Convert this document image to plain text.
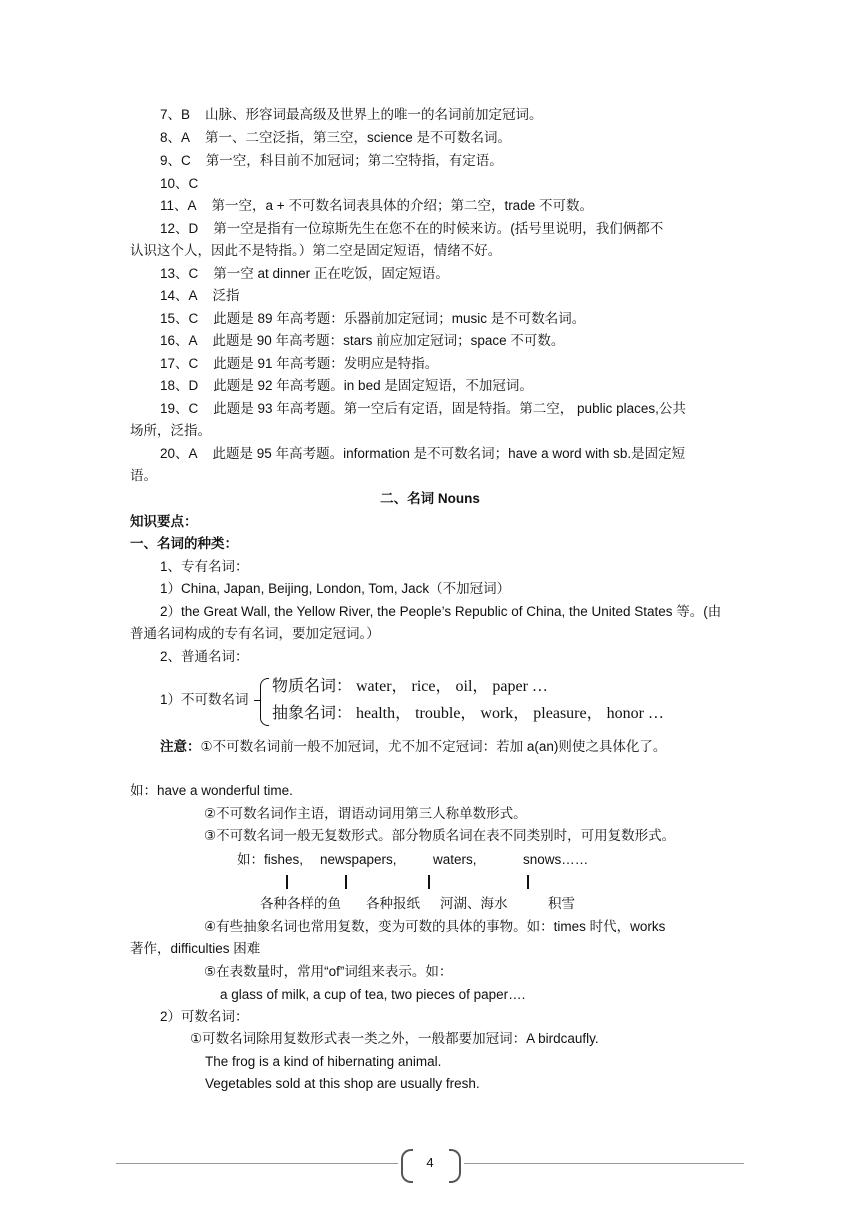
7、B 山脉、形容词最高级及世界上的唯一的名词前加定冠词。
8、A 第一、二空泛指，第三空，science 是不可数名词。
9、C 第一空，科目前不加冠词；第二空特指，有定语。
10、C
11、A 第一空，a + 不可数名词表具体的介绍；第二空，trade 不可数。
12、D 第一空是指有一位琼斯先生在您不在的时候来访。(括号里说明，我们俩都不
认识这个人，因此不是特指。）第二空是固定短语，情绪不好。
13、C 第一空 at dinner 正在吃饭，固定短语。
14、A 泛指
15、C 此题是 89 年高考题：乐器前加定冠词；music 是不可数名词。
16、A 此题是 90 年高考题：stars 前应加定冠词；space 不可数。
17、C 此题是 91 年高考题：发明应是特指。
18、D 此题是 92 年高考题。in bed 是固定短语，不加冠词。
19、C 此题是 93 年高考题。第一空后有定语，固是特指。第二空， public places,公共
场所，泛指。
20、A 此题是 95 年高考题。information 是不可数名词；have a word with sb.是固定短
语。
二、名词 Nouns
知识要点：
一、名词的种类：
1、专有名词：
1）China, Japan, Beijing, London, Tom, Jack（不加冠词）
2）the Great Wall, the Yellow River, the People’s Republic of China, the United States 等。(由
普通名词构成的专有名词，要加定冠词。）
2、普通名词：
1）不可数名词
物质名词： water， rice， oil， paper …
抽象名词： health， trouble， work， pleasure， honor …
注意：①不可数名词前一般不加冠词，尤不加不定冠词：若加 a(an)则使之具体化了。
如：have a wonderful time.
②不可数名词作主语，谓语动词用第三人称单数形式。
③不可数名词一般无复数形式。部分物质名词在表不同类别时，可用复数形式。
如：fishes, newspapers,	waters,	snows……
各种各样的鱼 各种报纸 河湖、海水	积雪
④有些抽象名词也常用复数，变为可数的具体的事物。如：times 时代，works
著作，difficulties 困难
⑤在表数量时，常用“of”词组来表示。如：
a glass of milk, a cup of tea, two pieces of paper….
2）可数名词：
①可数名词除用复数形式表一类之外，一般都要加冠词：A birdcaufly.
The frog is a kind of hibernating animal.
Vegetables sold at this shop are usually fresh.
4
